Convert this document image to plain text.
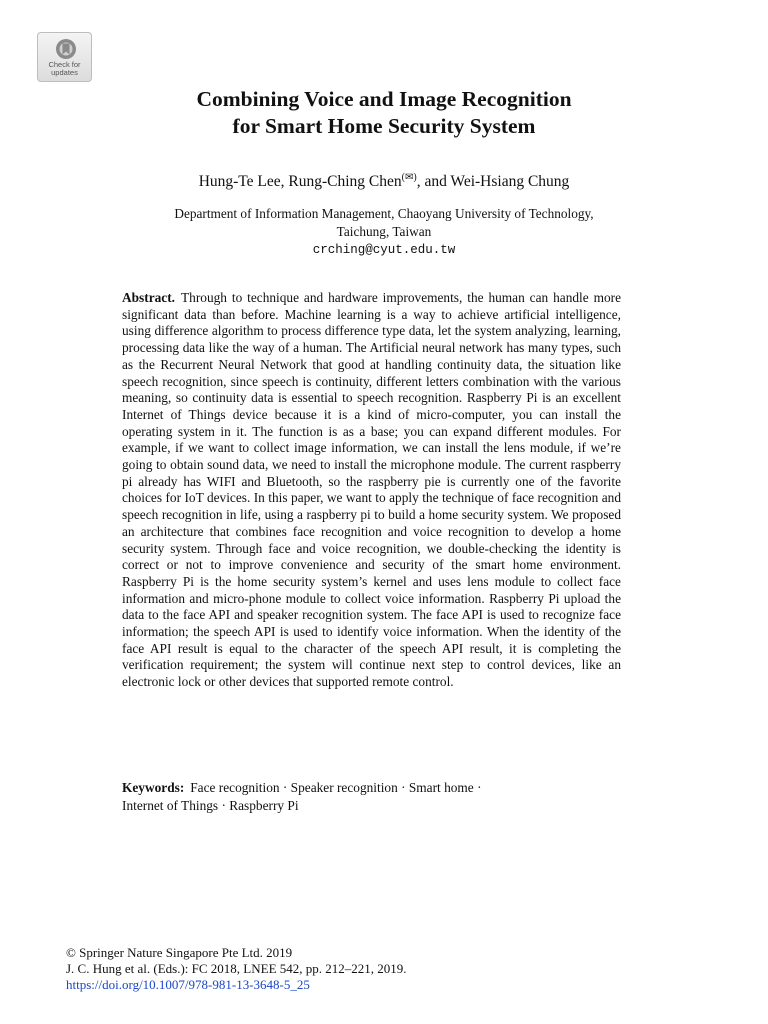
Check for updates
Combining Voice and Image Recognition
for Smart Home Security System
Hung-Te Lee, Rung-Ching Chen(✉), and Wei-Hsiang Chung
Department of Information Management, Chaoyang University of Technology,
Taichung, Taiwan
crching@cyut.edu.tw

Abstract. Through to technique and hardware improvements, the human can handle more significant data than before. Machine learning is a way to achieve artificial intelligence, using difference algorithm to process difference type data, let the system analyzing, learning, processing data like the way of a human. The Artificial neural network has many types, such as the Recurrent Neural Network that good at handling continuity data, the situation like speech recognition, since speech is continuity, different letters combination with the various meaning, so continuity data is essential to speech recognition. Raspberry Pi is an excellent Internet of Things device because it is a kind of micro-computer, you can install the operating system in it. The function is as a base; you can expand different modules. For example, if we want to collect image information, we can install the lens module, if we’re going to obtain sound data, we need to install the microphone module. The current raspberry pi already has WIFI and Bluetooth, so the raspberry pie is currently one of the favorite choices for IoT devices. In this paper, we want to apply the technique of face recognition and speech recognition in life, using a raspberry pi to build a home security system. We proposed an architecture that combines face recognition and voice recognition to develop a home security system. Through face and voice recognition, we double-checking the identity is correct or not to improve convenience and security of the smart home environment. Raspberry Pi is the home security system’s kernel and uses lens module to collect face information and micro-phone module to collect voice information. Raspberry Pi upload the data to the face API and speaker recognition system. The face API is used to recognize face information; the speech API is used to identify voice information. When the identity of the face API result is equal to the character of the speech API result, it is completing the verification requirement; the system will continue next step to control devices, like an electronic lock or other devices that supported remote control.

Keywords: Face recognition · Speaker recognition · Smart home ·
Internet of Things · Raspberry Pi
© Springer Nature Singapore Pte Ltd. 2019
J. C. Hung et al. (Eds.): FC 2018, LNEE 542, pp. 212–221, 2019.
https://doi.org/10.1007/978-981-13-3648-5_25
